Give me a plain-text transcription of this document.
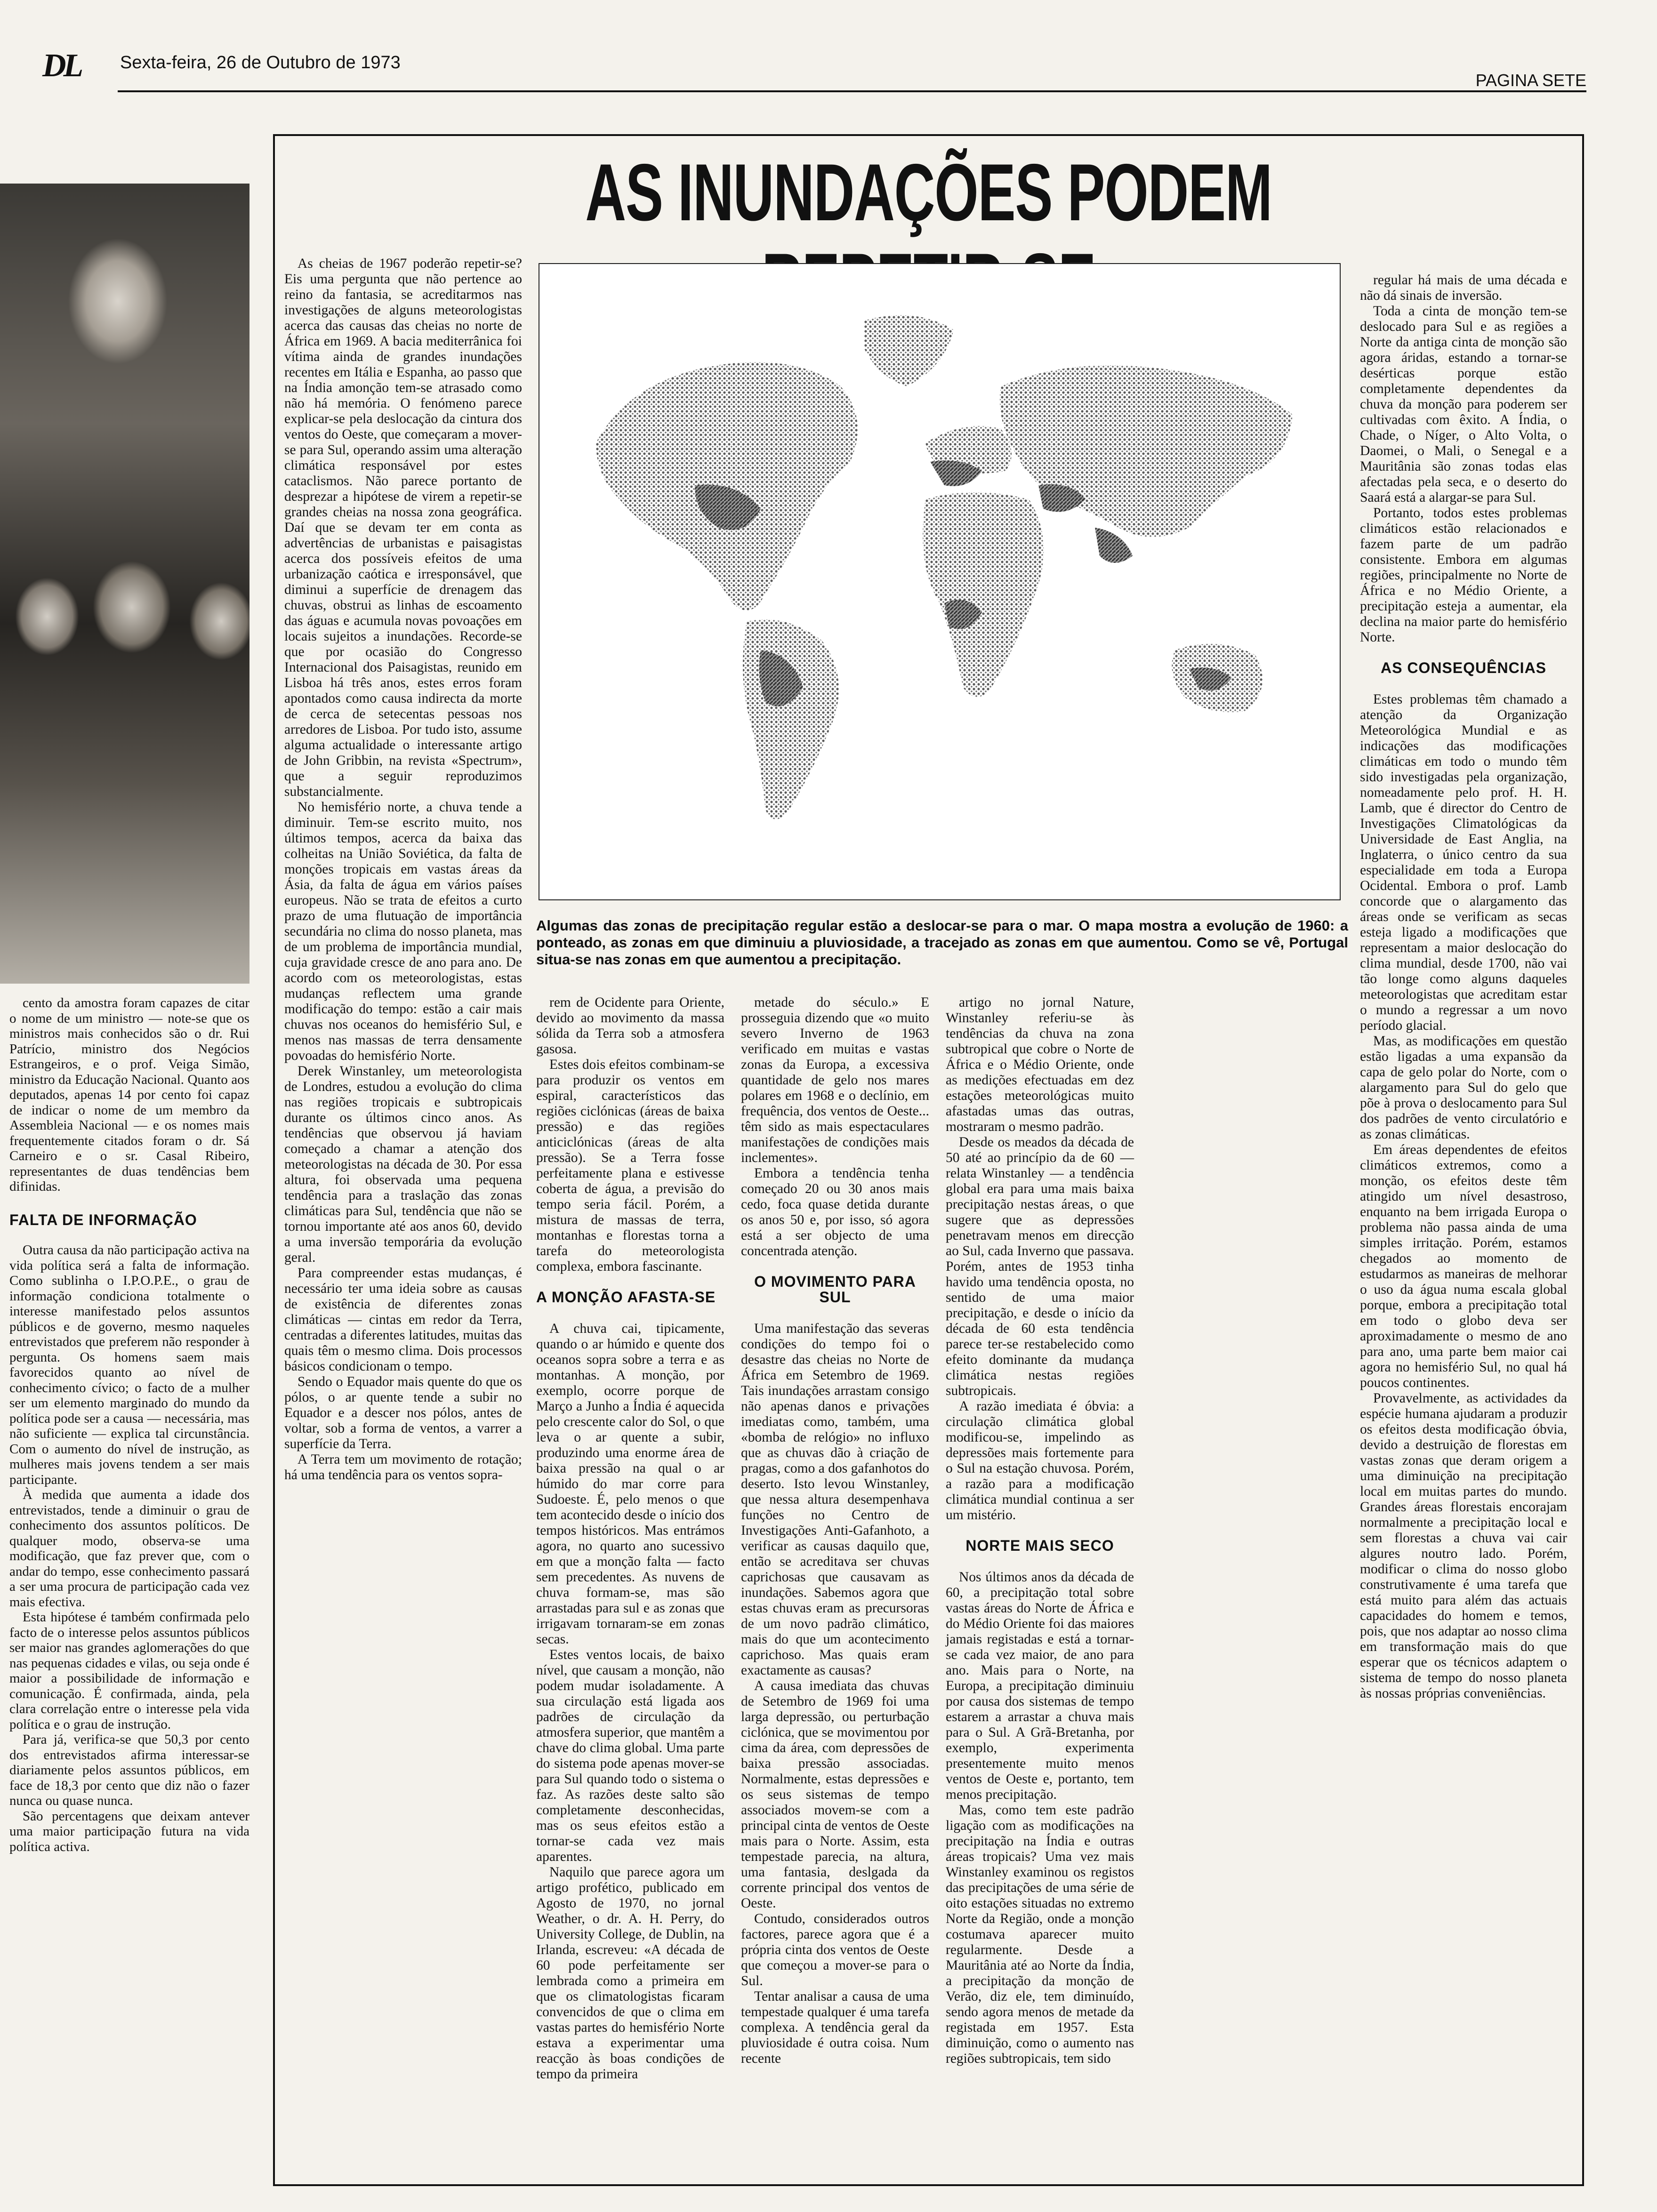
DL Sexta-feira, 26 de Outubro de 1973
PAGINA SETE

cento da amostra foram capazes de citar o nome de um ministro — note-se que os ministros mais conhecidos são o dr. Rui Patrício, ministro dos Negócios Estrangeiros, e o prof. Veiga Simão, ministro da Educação Nacional. Quanto aos deputados, apenas 14 por cento foi capaz de indicar o nome de um membro da Assembleia Nacional — e os nomes mais frequentemente citados foram o dr. Sá Carneiro e o sr. Casal Ribeiro, representantes de duas tendências bem difinidas.

FALTA DE INFORMAÇÃO

Outra causa da não participação activa na vida política será a falta de informação. Como sublinha o I.P.O.P.E., o grau de informação condiciona totalmente o interesse manifestado pelos assuntos públicos e de governo, mesmo naqueles entrevistados que preferem não responder à pergunta. Os homens saem mais favorecidos quanto ao nível de conhecimento cívico; o facto de a mulher ser um elemento marginado do mundo da política pode ser a causa — necessária, mas não suficiente — explica tal circunstância. Com o aumento do nível de instrução, as mulheres mais jovens tendem a ser mais participante.

À medida que aumenta a idade dos entrevistados, tende a diminuir o grau de conhecimento dos assuntos políticos. De qualquer modo, observa-se uma modificação, que faz prever que, com o andar do tempo, esse conhecimento passará a ser uma procura de participação cada vez mais efectiva.

Esta hipótese é também confirmada pelo facto de o interesse pelos assuntos públicos ser maior nas grandes aglomerações do que nas pequenas cidades e vilas, ou seja onde é maior a possibilidade de informação e comunicação. É confirmada, ainda, pela clara correlação entre o interesse pela vida política e o grau de instrução.

Para já, verifica-se que 50,3 por cento dos entrevistados afirma interessar-se diariamente pelos assuntos públicos, em face de 18,3 por cento que diz não o fazer nunca ou quase nunca.

São percentagens que deixam antever uma maior participação futura na vida política activa.

AS INUNDAÇÕES PODEM

As cheias de 1967 poderão repetir-se? Eis uma pergunta que não pertence ao reino da fantasia, se acreditarmos nas investigações de alguns meteorologistas acerca das causas das cheias no norte de África em 1969. A bacia mediterrânica foi vítima ainda de grandes inundações recentes em Itália e Espanha, ao passo que na Índia amonção tem-se atrasado como não há memória. O fenómeno parece explicar-se pela deslocação da cintura dos ventos do Oeste, que começaram a mover-se para Sul, operando assim uma alteração climática responsável por estes cataclismos. Não parece portanto de desprezar a hipótese de virem a repetir-se grandes cheias na nossa zona geográfica. Daí que se devam ter em conta as advertências de urbanistas e paisagistas acerca dos possíveis efeitos de uma urbanização caótica e irresponsável, que diminui a superfície de drenagem das chuvas, obstrui as linhas de escoamento das águas e acumula novas povoações em locais sujeitos a inundações. Recorde-se que por ocasião do Congresso Internacional dos Paisagistas, reunido em Lisboa há três anos, estes erros foram apontados como causa indirecta da morte de cerca de setecentas pessoas nos arredores de Lisboa. Por tudo isto, assume alguma actualidade o interessante artigo de John Gribbin, na revista «Spectrum», que a seguir reproduzimos substancialmente.

No hemisfério norte, a chuva tende a diminuir. Tem-se escrito muito, nos últimos tempos, acerca da baixa das colheitas na União Soviética, da falta de monções tropicais em vastas áreas da Ásia, da falta de água em vários países europeus. Não se trata de efeitos a curto prazo de uma flutuação de importância secundária no clima do nosso planeta, mas de um problema de importância mundial, cuja gravidade cresce de ano para ano. De acordo com os meteorologistas, estas mudanças reflectem uma grande modificação do tempo: estão a cair mais chuvas nos oceanos do hemisfério Sul, e menos nas massas de terra densamente povoadas do hemisfério Norte.

Derek Winstanley, um meteorologista de Londres, estudou a evolução do clima nas regiões tropicais e subtropicais durante os últimos cinco anos. As tendências que observou já haviam começado a chamar a atenção dos meteorologistas na década de 30. Por essa altura, foi observada uma pequena tendência para a traslação das zonas climáticas para Sul, tendência que não se tornou importante até aos anos 60, devido a uma inversão temporária da evolução geral.

Para compreender estas mudanças, é necessário ter uma ideia sobre as causas de existência de diferentes zonas climáticas — cintas em redor da Terra, centradas a diferentes latitudes, muitas das quais têm o mesmo clima. Dois processos básicos condicionam o tempo.

Sendo o Equador mais quente do que os pólos, o ar quente tende a subir no Equador e a descer nos pólos, antes de voltar, sob a forma de ventos, a varrer a superfície da Terra.

A Terra tem um movimento de rotação; há uma tendência para os ventos sopra-

Algumas das zonas de precipitação regular estão a deslocar-se para o mar. O mapa mostra a evolução de 1960: a ponteado, as zonas em que diminuiu a pluviosidade, a tracejado as zonas em que aumentou. Como se vê, Portugal situa-se nas zonas em que aumentou a precipitação.

rem de Ocidente para Oriente, devido ao movimento da massa sólida da Terra sob a atmosfera gasosa.

Estes dois efeitos combinam-se para produzir os ventos em espiral, característicos das regiões ciclónicas (áreas de baixa pressão) e das regiões anticiclónicas (áreas de alta pressão). Se a Terra fosse perfeitamente plana e estivesse coberta de água, a previsão do tempo seria fácil. Porém, a mistura de massas de terra, montanhas e florestas torna a tarefa do meteorologista complexa, embora fascinante.

A MONÇÃO AFASTA-SE

A chuva cai, tipicamente, quando o ar húmido e quente dos oceanos sopra sobre a terra e as montanhas. A monção, por exemplo, ocorre porque de Março a Junho a Índia é aquecida pelo crescente calor do Sol, o que leva o ar quente a subir, produzindo uma enorme área de baixa pressão na qual o ar húmido do mar corre para Sudoeste. É, pelo menos o que tem acontecido desde o início dos tempos históricos. Mas entrámos agora, no quarto ano sucessivo em que a monção falta — facto sem precedentes. As nuvens de chuva formam-se, mas são arrastadas para sul e as zonas que irrigavam tornaram-se em zonas secas.

Estes ventos locais, de baixo nível, que causam a monção, não podem mudar isoladamente. A sua circulação está ligada aos padrões de circulação da atmosfera superior, que mantêm a chave do clima global. Uma parte do sistema pode apenas mover-se para Sul quando todo o sistema o faz. As razões deste salto são completamente desconhecidas, mas os seus efeitos estão a tornar-se cada vez mais aparentes.

Naquilo que parece agora um artigo profético, publicado em Agosto de 1970, no jornal Weather, o dr. A. H. Perry, do University College, de Dublin, na Irlanda, escreveu: «A década de 60 pode perfeitamente ser lembrada como a primeira em que os climatologistas ficaram convencidos de que o clima em vastas partes do hemisfério Norte estava a experimentar uma reacção às boas condições de tempo da primeira

metade do século.» E prosseguia dizendo que «o muito severo Inverno de 1963 verificado em muitas e vastas zonas da Europa, a excessiva quantidade de gelo nos mares polares em 1968 e o declínio, em frequência, dos ventos de Oeste... têm sido as mais espectaculares manifestações de condições mais inclementes».

Embora a tendência tenha começado 20 ou 30 anos mais cedo, foca quase detida durante os anos 50 e, por isso, só agora está a ser objecto de uma concentrada atenção.

O MOVIMENTO PARA SUL

Uma manifestação das severas condições do tempo foi o desastre das cheias no Norte de África em Setembro de 1969. Tais inundações arrastam consigo não apenas danos e privações imediatas como, também, uma «bomba de relógio» no influxo que as chuvas dão à criação de pragas, como a dos gafanhotos do deserto. Isto levou Winstanley, que nessa altura desempenhava funções no Centro de Investigações Anti-Gafanhoto, a verificar as causas daquilo que, então se acreditava ser chuvas caprichosas que causavam as inundações. Sabemos agora que estas chuvas eram as precursoras de um novo padrão climático, mais do que um acontecimento caprichoso. Mas quais eram exactamente as causas?

A causa imediata das chuvas de Setembro de 1969 foi uma larga depressão, ou perturbação ciclónica, que se movimentou por cima da área, com depressões de baixa pressão associadas. Normalmente, estas depressões e os seus sistemas de tempo associados movem-se com a principal cinta de ventos de Oeste mais para o Norte. Assim, esta tempestade parecia, na altura, uma fantasia, deslgada da corrente principal dos ventos de Oeste.

Contudo, considerados outros factores, parece agora que é a própria cinta dos ventos de Oeste que começou a mover-se para o Sul.

Tentar analisar a causa de uma tempestade qualquer é uma tarefa complexa. A tendência geral da pluviosidade é outra coisa. Num recente

artigo no jornal Nature, Winstanley referiu-se às tendências da chuva na zona subtropical que cobre o Norte de África e o Médio Oriente, onde as medições efectuadas em dez estações meteorológicas muito afastadas umas das outras, mostraram o mesmo padrão.

Desde os meados da década de 50 até ao princípio da de 60 — relata Winstanley — a tendência global era para uma mais baixa precipitação nestas áreas, o que sugere que as depressões penetravam menos em direcção ao Sul, cada Inverno que passava. Porém, antes de 1953 tinha havido uma tendência oposta, no sentido de uma maior precipitação, e desde o início da década de 60 esta tendência parece ter-se restabelecido como efeito dominante da mudança climática nestas regiões subtropicais.

A razão imediata é óbvia: a circulação climática global modificou-se, impelindo as depressões mais fortemente para o Sul na estação chuvosa. Porém, a razão para a modificação climática mundial continua a ser um mistério.

NORTE MAIS SECO

Nos últimos anos da década de 60, a precipitação total sobre vastas áreas do Norte de África e do Médio Oriente foi das maiores jamais registadas e está a tornar-se cada vez maior, de ano para ano. Mais para o Norte, na Europa, a precipitação diminuiu por causa dos sistemas de tempo estarem a arrastar a chuva mais para o Sul. A Grã-Bretanha, por exemplo, experimenta presentemente muito menos ventos de Oeste e, portanto, tem menos precipitação.

Mas, como tem este padrão ligação com as modificações na precipitação na Índia e outras áreas tropicais? Uma vez mais Winstanley examinou os registos das precipitações de uma série de oito estações situadas no extremo Norte da Região, onde a monção costumava aparecer muito regularmente. Desde a Mauritânia até ao Norte da Índia, a precipitação da monção de Verão, diz ele, tem diminuído, sendo agora menos de metade da registada em 1957. Esta diminuição, como o aumento nas regiões subtropicais, tem sido

regular há mais de uma década e não dá sinais de inversão.

Toda a cinta de monção tem-se deslocado para Sul e as regiões a Norte da antiga cinta de monção são agora áridas, estando a tornar-se desérticas porque estão completamente dependentes da chuva da monção para poderem ser cultivadas com êxito. A Índia, o Chade, o Níger, o Alto Volta, o Daomei, o Mali, o Senegal e a Mauritânia são zonas todas elas afectadas pela seca, e o deserto do Saará está a alargar-se para Sul.

Portanto, todos estes problemas climáticos estão relacionados e fazem parte de um padrão consistente. Embora em algumas regiões, principalmente no Norte de África e no Médio Oriente, a precipitação esteja a aumentar, ela declina na maior parte do hemisfério Norte.

AS CONSEQUÊNCIAS

Estes problemas têm chamado a atenção da Organização Meteorológica Mundial e as indicações das modificações climáticas em todo o mundo têm sido investigadas pela organização, nomeadamente pelo prof. H. H. Lamb, que é director do Centro de Investigações Climatológicas da Universidade de East Anglia, na Inglaterra, o único centro da sua especialidade em toda a Europa Ocidental. Embora o prof. Lamb concorde que o alargamento das áreas onde se verificam as secas esteja ligado a modificações que representam a maior deslocação do clima mundial, desde 1700, não vai tão longe como alguns daqueles meteorologistas que acreditam estar o mundo a regressar a um novo período glacial.

Mas, as modificações em questão estão ligadas a uma expansão da capa de gelo polar do Norte, com o alargamento para Sul do gelo que põe à prova o deslocamento para Sul dos padrões de vento circulatório e as zonas climáticas.

Em áreas dependentes de efeitos climáticos extremos, como a monção, os efeitos deste têm atingido um nível desastroso, enquanto na bem irrigada Europa o problema não passa ainda de uma simples irritação. Porém, estamos chegados ao momento de estudarmos as maneiras de melhorar o uso da água numa escala global porque, embora a precipitação total em todo o globo deva ser aproximadamente o mesmo de ano para ano, uma parte bem maior cai agora no hemisfério Sul, no qual há poucos continentes.

Provavelmente, as actividades da espécie humana ajudaram a produzir os efeitos desta modificação óbvia, devido a destruição de florestas em vastas zonas que deram origem a uma diminuição na precipitação local em muitas partes do mundo. Grandes áreas florestais encorajam normalmente a precipitação local e sem florestas a chuva vai cair algures noutro lado. Porém, modificar o clima do nosso globo construtivamente é uma tarefa que está muito para além das actuais capacidades do homem e temos, pois, que nos adaptar ao nosso clima em transformação mais do que esperar que os técnicos adaptem o sistema de tempo do nosso planeta às nossas próprias conveniências.
